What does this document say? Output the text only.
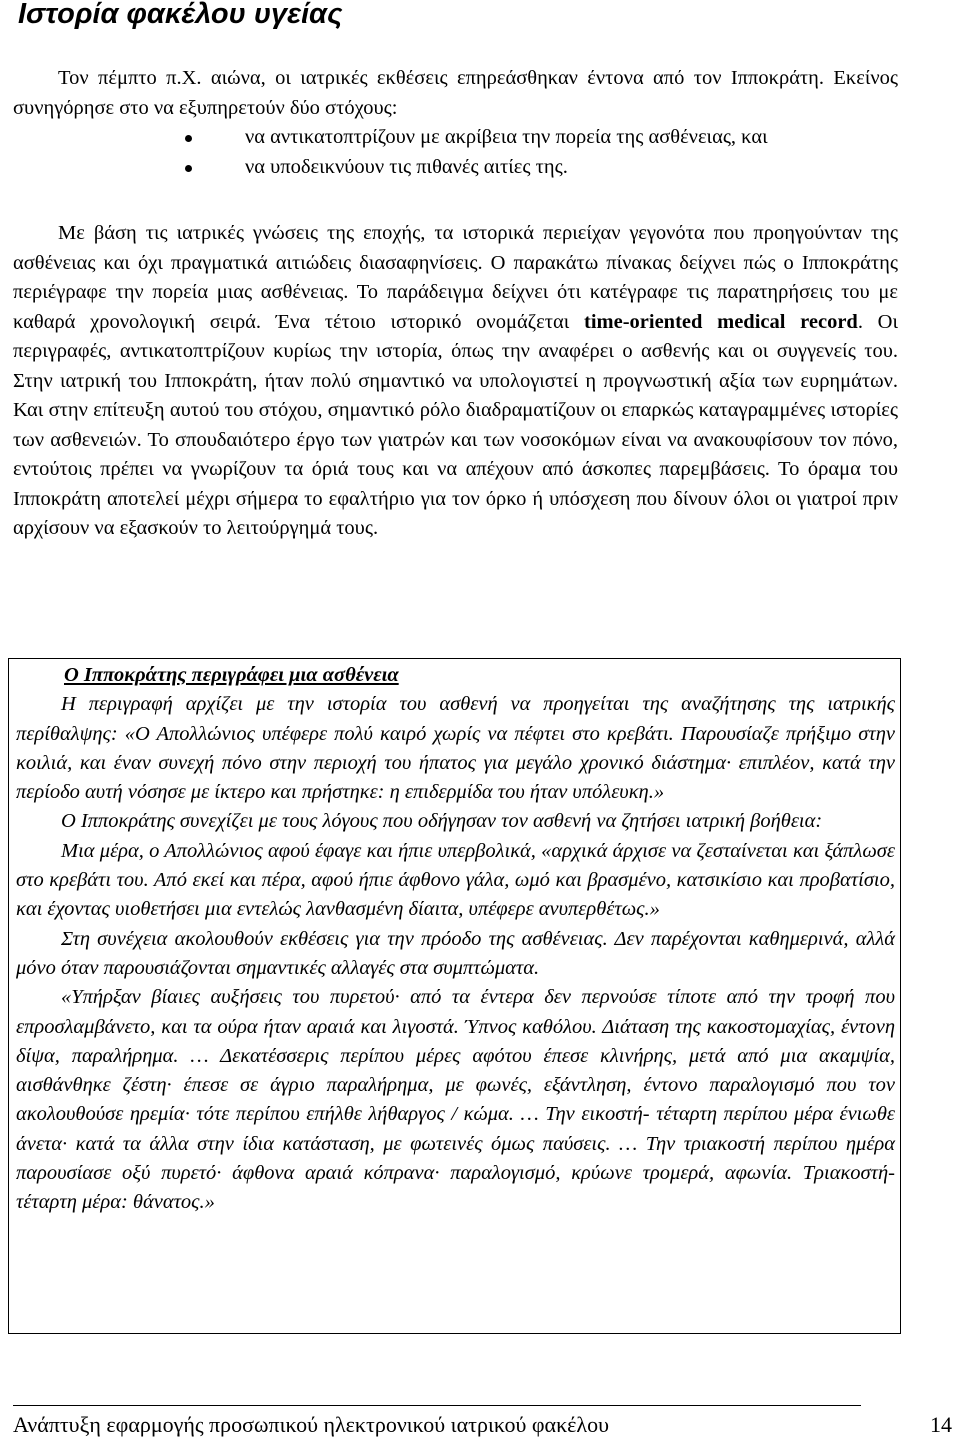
Ιστορία φακέλου υγείας

Τον πέμπτο π.Χ. αιώνα, οι ιατρικές εκθέσεις επηρεάσθηκαν έντονα από τον Ιπποκράτη. Εκείνος συνηγόρησε στο να εξυπηρετούν δύο στόχους:

να αντικατοπτρίζουν με ακρίβεια την πορεία της ασθένειας, και
να υποδεικνύουν τις πιθανές αιτίες της.

Με βάση τις ιατρικές γνώσεις της εποχής, τα ιστορικά περιείχαν γεγονότα που προηγούνταν της ασθένειας και όχι πραγματικά αιτιώδεις διασαφηνίσεις. Ο παρακάτω πίνακας δείχνει πώς ο Ιπποκράτης περιέγραφε την πορεία μιας ασθένειας. Το παράδειγμα δείχνει ότι κατέγραφε τις παρατηρήσεις του με καθαρά χρονολογική σειρά. Ένα τέτοιο ιστορικό ονομάζεται time-oriented medical record. Οι περιγραφές, αντικατοπτρίζουν κυρίως την ιστορία, όπως την αναφέρει ο ασθενής και οι συγγενείς του. Στην ιατρική του Ιπποκράτη, ήταν πολύ σημαντικό να υπολογιστεί η προγνωστική αξία των ευρημάτων. Και στην επίτευξη αυτού του στόχου, σημαντικό ρόλο διαδραματίζουν οι επαρκώς καταγραμμένες ιστορίες των ασθενειών. Το σπουδαιότερο έργο των γιατρών και των νοσοκόμων είναι να ανακουφίσουν τον πόνο, εντούτοις πρέπει να γνωρίζουν τα όριά τους και να απέχουν από άσκοπες παρεμβάσεις. Το όραμα του Ιπποκράτη αποτελεί μέχρι σήμερα το εφαλτήριο για τον όρκο ή υπόσχεση που δίνουν όλοι οι γιατροί πριν αρχίσουν να εξασκούν το λειτούργημά τους.

Ο Ιπποκράτης περιγράφει μια ασθένεια

Η περιγραφή αρχίζει με την ιστορία του ασθενή να προηγείται της αναζήτησης της ιατρικής περίθαλψης: «Ο Απολλώνιος υπέφερε πολύ καιρό χωρίς να πέφτει στο κρεβάτι. Παρουσίαζε πρήξιμο στην κοιλιά, και έναν συνεχή πόνο στην περιοχή του ήπατος για μεγάλο χρονικό διάστημα· επιπλέον, κατά την περίοδο αυτή νόσησε με ίκτερο και πρήστηκε: η επιδερμίδα του ήταν υπόλευκη.»

Ο Ιπποκράτης συνεχίζει με τους λόγους που οδήγησαν τον ασθενή να ζητήσει ιατρική βοήθεια:

Μια μέρα, ο Απολλώνιος αφού έφαγε και ήπιε υπερβολικά, «αρχικά άρχισε να ζεσταίνεται και ξάπλωσε στο κρεβάτι του. Από εκεί και πέρα, αφού ήπιε άφθονο γάλα, ωμό και βρασμένο, κατσικίσιο και προβατίσιο, και έχοντας υιοθετήσει μια εντελώς λανθασμένη δίαιτα, υπέφερε ανυπερθέτως.»

Στη συνέχεια ακολουθούν εκθέσεις για την πρόοδο της ασθένειας. Δεν παρέχονται καθημερινά, αλλά μόνο όταν παρουσιάζονται σημαντικές αλλαγές στα συμπτώματα.

«Υπήρξαν βίαιες αυξήσεις του πυρετού· από τα έντερα δεν περνούσε τίποτε από την τροφή που επροσλαμβάνετο, και τα ούρα ήταν αραιά και λιγοστά. Ύπνος καθόλου. Διάταση της κακοστομαχίας, έντονη δίψα, παραλήρημα. … Δεκατέσσερις περίπου μέρες αφότου έπεσε κλινήρης, μετά από μια ακαμψία, αισθάνθηκε ζέστη· έπεσε σε άγριο παραλήρημα, με φωνές, εξάντληση, έντονο παραλογισμό που τον ακολουθούσε ηρεμία· τότε περίπου επήλθε λήθαργος / κώμα. … Την εικοστή- τέταρτη περίπου μέρα ένιωθε άνετα· κατά τα άλλα στην ίδια κατάσταση, με φωτεινές όμως παύσεις. … Την τριακοστή περίπου ημέρα παρουσίασε οξύ πυρετό· άφθονα αραιά κόπρανα· παραλογισμό, κρύωνε τρομερά, αφωνία. Τριακοστή- τέταρτη μέρα: θάνατος.»

Ανάπτυξη εφαρμογής προσωπικού ηλεκτρονικού ιατρικού φακέλου	14
